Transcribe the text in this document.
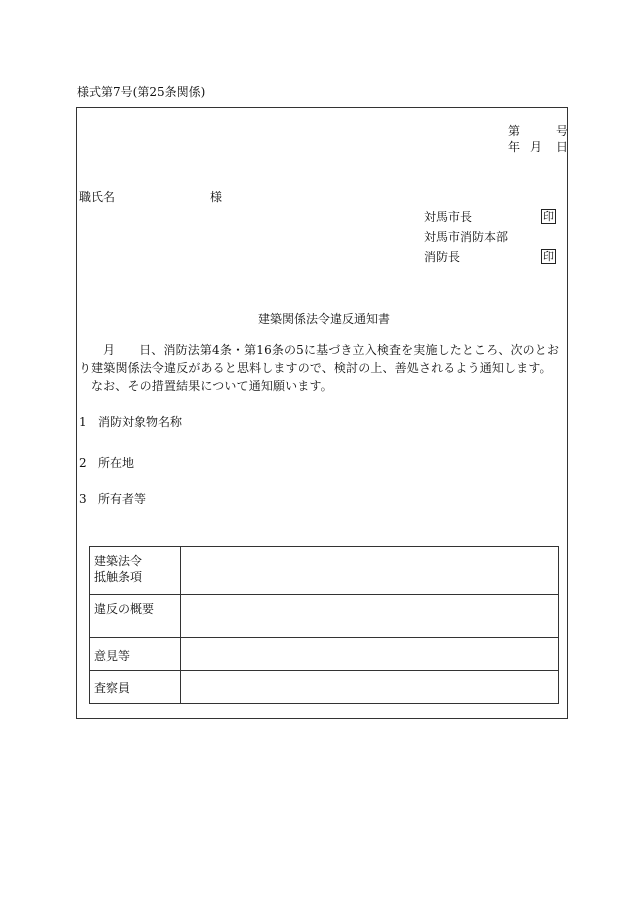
様式第7号(第25条関係)
第	号
年 月 日
職氏名	様
対馬市長	印
対馬市消防本部
消防長	印
建築関係法令違反通知書

月 日、消防法第4条・第16条の5に基づき立入検査を実施したところ、次のとおり建築関係法令違反があると思料しますので、検討の上、善処されるよう通知します。

なお、その措置結果について通知願います。

1 消防対象物名称
2 所在地
3 所有者等
建築法令
抵触条項	

違反の概要	

意見等	

査察員	
